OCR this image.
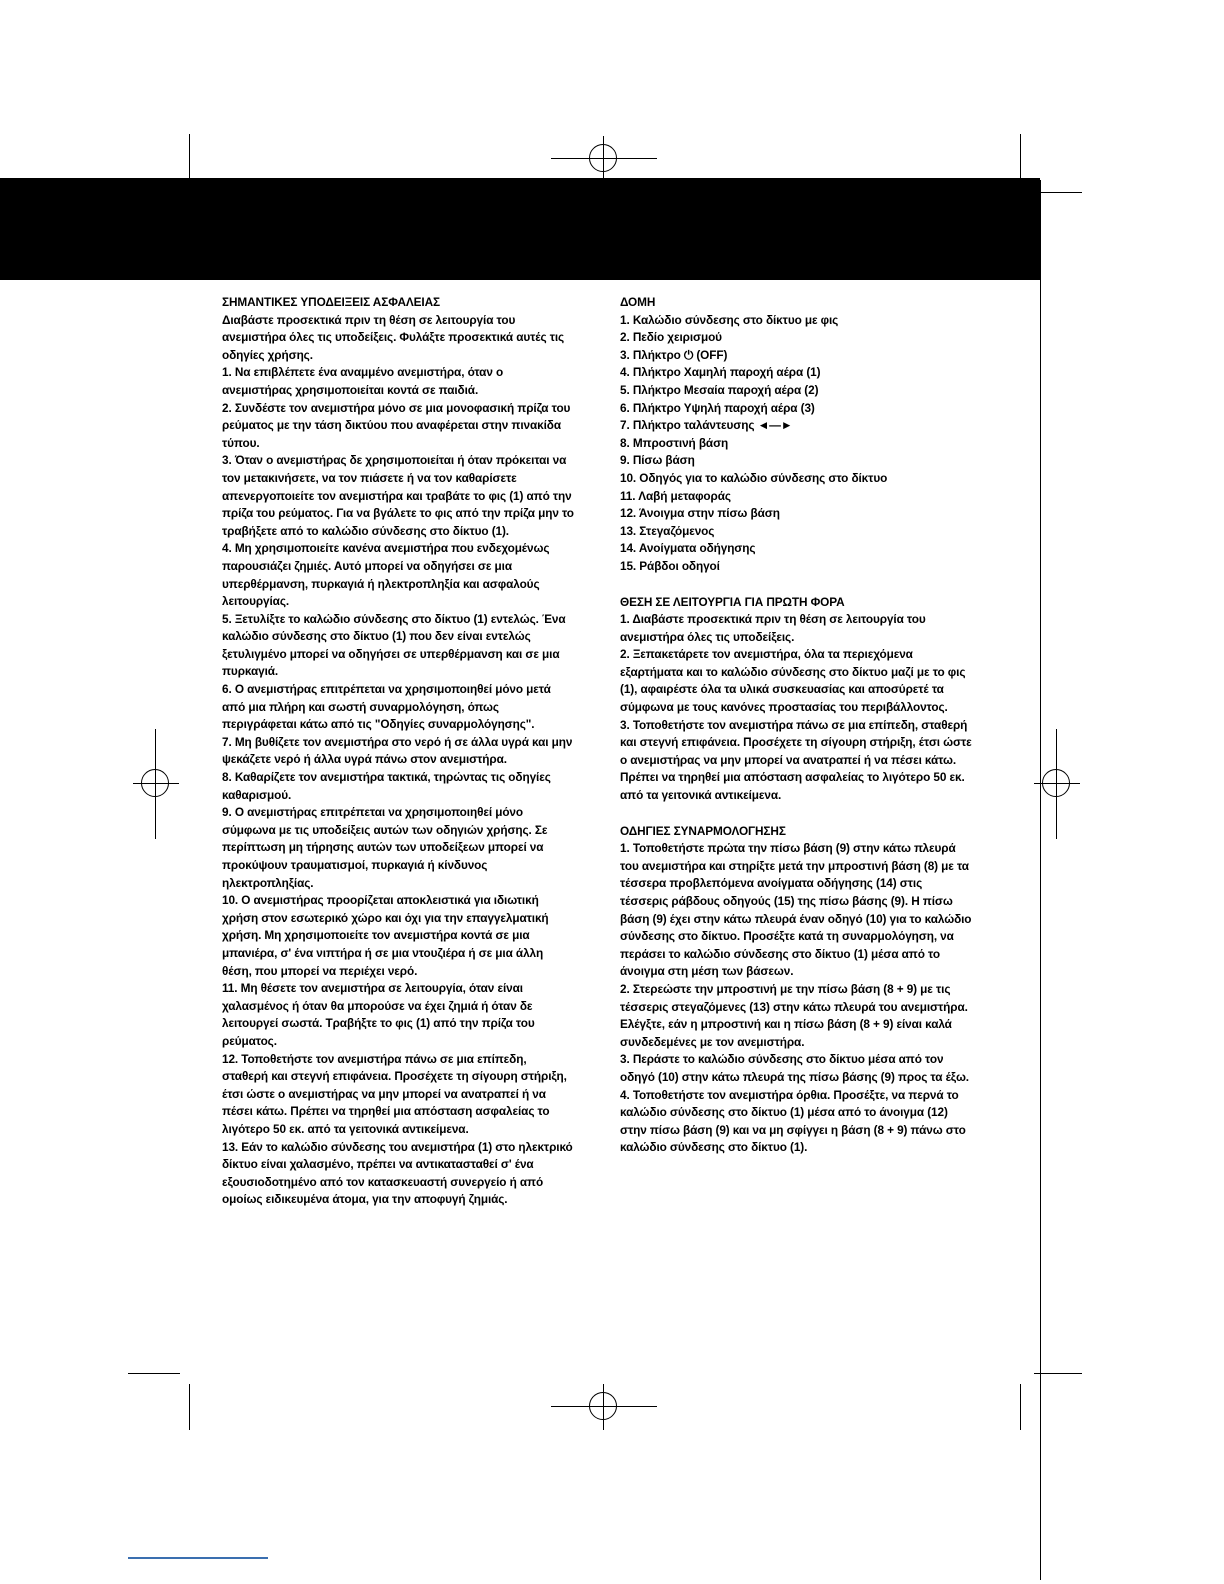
ΣΗΜΑΝΤΙΚΕΣ ΥΠΟΔΕΙΞΕΙΣ ΑΣΦΑΛΕΙΑΣ

Διαβάστε προσεκτικά πριν τη θέση σε λειτουργία του ανεμιστήρα όλες τις υποδείξεις. Φυλάξτε προσεκτικά αυτές τις οδηγίες χρήσης.

1. Να επιβλέπετε ένα αναμμένο ανεμιστήρα, όταν ο ανεμιστήρας χρησιμοποιείται κοντά σε παιδιά.
2. Συνδέστε τον ανεμιστήρα μόνο σε μια μονοφασική πρίζα του ρεύματος με την τάση δικτύου που αναφέρεται στην πινακίδα τύπου.
3. Όταν ο ανεμιστήρας δε χρησιμοποιείται ή όταν πρόκειται να τον μετακινήσετε, να τον πιάσετε ή να τον καθαρίσετε απενεργοποιείτε τον ανεμιστήρα και τραβάτε το φις (1) από την πρίζα του ρεύματος. Για να βγάλετε το φις από την πρίζα μην το τραβήξετε από το καλώδιο σύνδεσης στο δίκτυο (1).
4. Μη χρησιμοποιείτε κανένα ανεμιστήρα που ενδεχομένως παρουσιάζει ζημιές. Αυτό μπορεί να οδηγήσει σε μια υπερθέρμανση, πυρκαγιά ή ηλεκτροπληξία και ασφαλούς λειτουργίας.
5. Ξετυλίξτε το καλώδιο σύνδεσης στο δίκτυο (1) εντελώς. Ένα καλώδιο σύνδεσης στο δίκτυο (1) που δεν είναι εντελώς ξετυλιγμένο μπορεί να οδηγήσει σε υπερθέρμανση και σε μια πυρκαγιά.
6. Ο ανεμιστήρας επιτρέπεται να χρησιμοποιηθεί μόνο μετά από μια πλήρη και σωστή συναρμολόγηση, όπως περιγράφεται κάτω από τις "Οδηγίες συναρμολόγησης".
7. Μη βυθίζετε τον ανεμιστήρα στο νερό ή σε άλλα υγρά και μην ψεκάζετε νερό ή άλλα υγρά πάνω στον ανεμιστήρα.
8. Καθαρίζετε τον ανεμιστήρα τακτικά, τηρώντας τις οδηγίες καθαρισμού.
9. Ο ανεμιστήρας επιτρέπεται να χρησιμοποιηθεί μόνο σύμφωνα με τις υποδείξεις αυτών των οδηγιών χρήσης. Σε περίπτωση μη τήρησης αυτών των υποδείξεων μπορεί να προκύψουν τραυματισμοί, πυρκαγιά ή κίνδυνος ηλεκτροπληξίας.
10. Ο ανεμιστήρας προορίζεται αποκλειστικά για ιδιωτική χρήση στον εσωτερικό χώρο και όχι για την επαγγελματική χρήση. Μη χρησιμοποιείτε τον ανεμιστήρα κοντά σε μια μπανιέρα, σ' ένα νιπτήρα ή σε μια ντουζιέρα ή σε μια άλλη θέση, που μπορεί να περιέχει νερό.
11. Μη θέσετε τον ανεμιστήρα σε λειτουργία, όταν είναι χαλασμένος ή όταν θα μπορούσε να έχει ζημιά ή όταν δε λειτουργεί σωστά. Τραβήξτε το φις (1) από την πρίζα του ρεύματος.
12. Τοποθετήστε τον ανεμιστήρα πάνω σε μια επίπεδη, σταθερή και στεγνή επιφάνεια. Προσέχετε τη σίγουρη στήριξη, έτσι ώστε ο ανεμιστήρας να μην μπορεί να ανατραπεί ή να πέσει κάτω. Πρέπει να τηρηθεί μια απόσταση ασφαλείας το λιγότερο 50 εκ. από τα γειτονικά αντικείμενα.
13. Εάν το καλώδιο σύνδεσης του ανεμιστήρα (1) στο ηλεκτρικό δίκτυο είναι χαλασμένο, πρέπει να αντικατασταθεί σ' ένα εξουσιοδοτημένο από τον κατασκευαστή συνεργείο ή από ομοίως ειδικευμένα άτομα, για την αποφυγή ζημιάς.

ΔΟΜΗ

1. Καλώδιο σύνδεσης στο δίκτυο με φις
2. Πεδίο χειρισμού
3. Πλήκτρο ⏻ (OFF)
4. Πλήκτρο Χαμηλή παροχή αέρα (1)
5. Πλήκτρο Μεσαία παροχή αέρα (2)
6. Πλήκτρο Υψηλή παροχή αέρα (3)
7. Πλήκτρο ταλάντευσης ◄—►
8. Μπροστινή βάση
9. Πίσω βάση
10. Οδηγός για το καλώδιο σύνδεσης στο δίκτυο
11. Λαβή μεταφοράς
12. Άνοιγμα στην πίσω βάση
13. Στεγαζόμενος
14. Ανοίγματα οδήγησης
15. Ράβδοι οδηγοί

ΘΕΣΗ ΣΕ ΛΕΙΤΟΥΡΓΙΑ ΓΙΑ ΠΡΩΤΗ ΦΟΡΑ

1. Διαβάστε προσεκτικά πριν τη θέση σε λειτουργία του ανεμιστήρα όλες τις υποδείξεις.
2. Ξεπακετάρετε τον ανεμιστήρα, όλα τα περιεχόμενα εξαρτήματα και το καλώδιο σύνδεσης στο δίκτυο μαζί με το φις (1), αφαιρέστε όλα τα υλικά συσκευασίας και αποσύρετέ τα σύμφωνα με τους κανόνες προστασίας του περιβάλλοντος.
3. Τοποθετήστε τον ανεμιστήρα πάνω σε μια επίπεδη, σταθερή και στεγνή επιφάνεια. Προσέχετε τη σίγουρη στήριξη, έτσι ώστε ο ανεμιστήρας να μην μπορεί να ανατραπεί ή να πέσει κάτω. Πρέπει να τηρηθεί μια απόσταση ασφαλείας το λιγότερο 50 εκ. από τα γειτονικά αντικείμενα.

ΟΔΗΓΙΕΣ ΣΥΝΑΡΜΟΛΟΓΗΣΗΣ

1. Τοποθετήστε πρώτα την πίσω βάση (9) στην κάτω πλευρά του ανεμιστήρα και στηρίξτε μετά την μπροστινή βάση (8) με τα τέσσερα προβλεπόμενα ανοίγματα οδήγησης (14) στις τέσσερις ράβδους οδηγούς (15) της πίσω βάσης (9). Η πίσω βάση (9) έχει στην κάτω πλευρά έναν οδηγό (10) για το καλώδιο σύνδεσης στο δίκτυο. Προσέξτε κατά τη συναρμολόγηση, να περάσει το καλώδιο σύνδεσης στο δίκτυο (1) μέσα από το άνοιγμα στη μέση των βάσεων.
2. Στερεώστε την μπροστινή με την πίσω βάση (8 + 9) με τις τέσσερις στεγαζόμενες (13) στην κάτω πλευρά του ανεμιστήρα. Ελέγξτε, εάν η μπροστινή και η πίσω βάση (8 + 9) είναι καλά συνδεδεμένες με τον ανεμιστήρα.
3. Περάστε το καλώδιο σύνδεσης στο δίκτυο μέσα από τον οδηγό (10) στην κάτω πλευρά της πίσω βάσης (9) προς τα έξω.
4. Τοποθετήστε τον ανεμιστήρα όρθια. Προσέξτε, να περνά το καλώδιο σύνδεσης στο δίκτυο (1) μέσα από το άνοιγμα (12) στην πίσω βάση (9) και να μη σφίγγει η βάση (8 + 9) πάνω στο καλώδιο σύνδεσης στο δίκτυο (1).
